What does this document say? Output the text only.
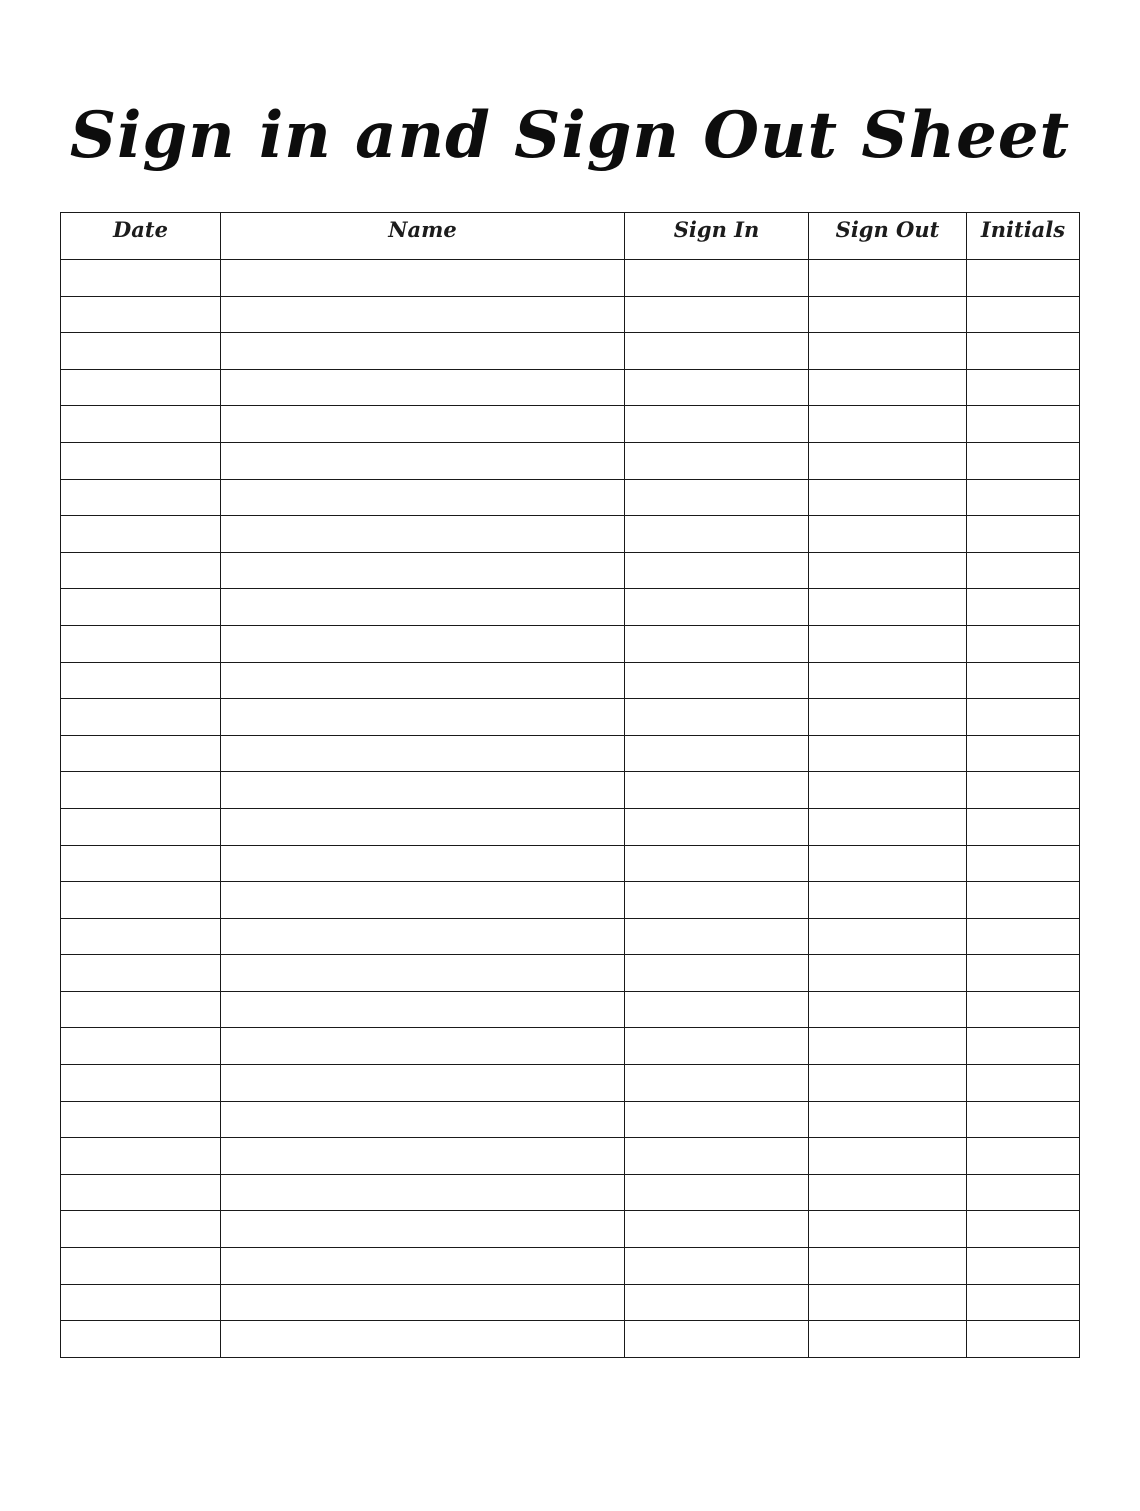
Sign in and Sign Out Sheet
Date	Name	Sign In	Sign Out	Initials
